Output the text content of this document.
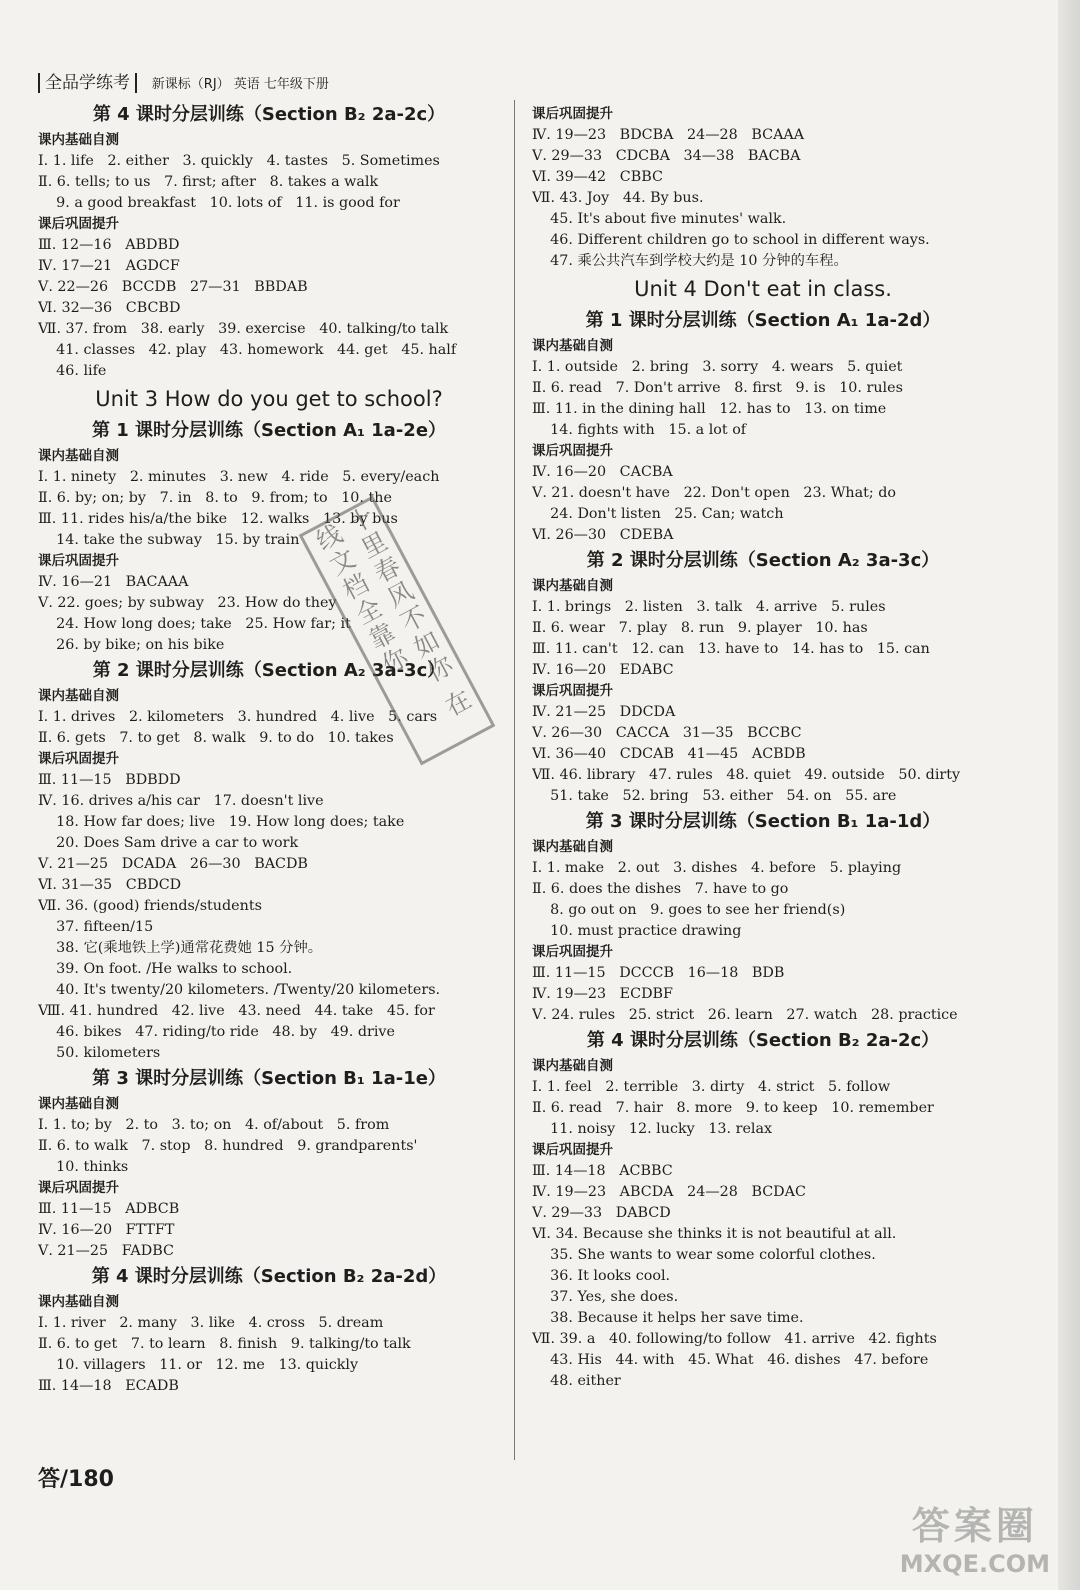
全品学练考 新课标（RJ） 英语 七年级下册
第 4 课时分层训练（Section B₂ 2a-2c）
课内基础自测
Ⅰ. 1. life   2. either   3. quickly   4. tastes   5. Sometimes
Ⅱ. 6. tells; to us   7. first; after   8. takes a walk
9. a good breakfast   10. lots of   11. is good for
课后巩固提升
Ⅲ. 12—16   ABDBD
Ⅳ. 17—21   AGDCF
Ⅴ. 22—26   BCCDB   27—31   BBDAB
Ⅵ. 32—36   CBCBD
Ⅶ. 37. from   38. early   39. exercise   40. talking/to talk
41. classes   42. play   43. homework   44. get   45. half
46. life
Unit 3 How do you get to school?
第 1 课时分层训练（Section A₁ 1a-2e）
课内基础自测
Ⅰ. 1. ninety   2. minutes   3. new   4. ride   5. every/each
Ⅱ. 6. by; on; by   7. in   8. to   9. from; to   10. the
Ⅲ. 11. rides his/a/the bike   12. walks   13. by bus
14. take the subway   15. by train
课后巩固提升
Ⅳ. 16—21   BACAAA
Ⅴ. 22. goes; by subway   23. How do they
24. How long does; take   25. How far; it
26. by bike; on his bike
第 2 课时分层训练（Section A₂ 3a-3c）
课内基础自测
Ⅰ. 1. drives   2. kilometers   3. hundred   4. live   5. cars
Ⅱ. 6. gets   7. to get   8. walk   9. to do   10. takes
课后巩固提升
Ⅲ. 11—15   BDBDD
Ⅳ. 16. drives a/his car   17. doesn't live
18. How far does; live   19. How long does; take
20. Does Sam drive a car to work
Ⅴ. 21—25   DCADA   26—30   BACDB
Ⅵ. 31—35   CBDCD
Ⅶ. 36. (good) friends/students
37. fifteen/15
38. 它(乘地铁上学)通常花费她 15 分钟。
39. On foot. /He walks to school.
40. It's twenty/20 kilometers. /Twenty/20 kilometers.
Ⅷ. 41. hundred   42. live   43. need   44. take   45. for
46. bikes   47. riding/to ride   48. by   49. drive
50. kilometers
第 3 课时分层训练（Section B₁ 1a-1e）
课内基础自测
Ⅰ. 1. to; by   2. to   3. to; on   4. of/about   5. from
Ⅱ. 6. to walk   7. stop   8. hundred   9. grandparents'
10. thinks
课后巩固提升
Ⅲ. 11—15   ADBCB
Ⅳ. 16—20   FTTFT
Ⅴ. 21—25   FADBC
第 4 课时分层训练（Section B₂ 2a-2d）
课内基础自测
Ⅰ. 1. river   2. many   3. like   4. cross   5. dream
Ⅱ. 6. to get   7. to learn   8. finish   9. talking/to talk
10. villagers   11. or   12. me   13. quickly
Ⅲ. 14—18   ECADB
课后巩固提升
Ⅳ. 19—23   BDCBA   24—28   BCAAA
Ⅴ. 29—33   CDCBA   34—38   BACBA
Ⅵ. 39—42   CBBC
Ⅶ. 43. Joy   44. By bus.
45. It's about five minutes' walk.
46. Different children go to school in different ways.
47. 乘公共汽车到学校大约是 10 分钟的车程。
Unit 4 Don't eat in class.
第 1 课时分层训练（Section A₁ 1a-2d）
课内基础自测
Ⅰ. 1. outside   2. bring   3. sorry   4. wears   5. quiet
Ⅱ. 6. read   7. Don't arrive   8. first   9. is   10. rules
Ⅲ. 11. in the dining hall   12. has to   13. on time
14. fights with   15. a lot of
课后巩固提升
Ⅳ. 16—20   CACBA
Ⅴ. 21. doesn't have   22. Don't open   23. What; do
24. Don't listen   25. Can; watch
Ⅵ. 26—30   CDEBA
第 2 课时分层训练（Section A₂ 3a-3c）
课内基础自测
Ⅰ. 1. brings   2. listen   3. talk   4. arrive   5. rules
Ⅱ. 6. wear   7. play   8. run   9. player   10. has
Ⅲ. 11. can't   12. can   13. have to   14. has to   15. can
Ⅳ. 16—20   EDABC
课后巩固提升
Ⅳ. 21—25   DDCDA
Ⅴ. 26—30   CACCA   31—35   BCCBC
Ⅵ. 36—40   CDCAB   41—45   ACBDB
Ⅶ. 46. library   47. rules   48. quiet   49. outside   50. dirty
51. take   52. bring   53. either   54. on   55. are
第 3 课时分层训练（Section B₁ 1a-1d）
课内基础自测
Ⅰ. 1. make   2. out   3. dishes   4. before   5. playing
Ⅱ. 6. does the dishes   7. have to go
8. go out on   9. goes to see her friend(s)
10. must practice drawing
课后巩固提升
Ⅲ. 11—15   DCCCB   16—18   BDB
Ⅳ. 19—23   ECDBF
Ⅴ. 24. rules   25. strict   26. learn   27. watch   28. practice
第 4 课时分层训练（Section B₂ 2a-2c）
课内基础自测
Ⅰ. 1. feel   2. terrible   3. dirty   4. strict   5. follow
Ⅱ. 6. read   7. hair   8. more   9. to keep   10. remember
11. noisy   12. lucky   13. relax
课后巩固提升
Ⅲ. 14—18   ACBBC
Ⅳ. 19—23   ABCDA   24—28   BCDAC
Ⅴ. 29—33   DABCD
Ⅵ. 34. Because she thinks it is not beautiful at all.
35. She wants to wear some colorful clothes.
36. It looks cool.
37. Yes, she does.
38. Because it helps her save time.
Ⅶ. 39. a   40. following/to follow   41. arrive   42. fights
43. His   44. with   45. What   46. dishes   47. before
48. either
十里春风不如你 在线文档全靠你
答/180
答案圈
MXQE.COM
